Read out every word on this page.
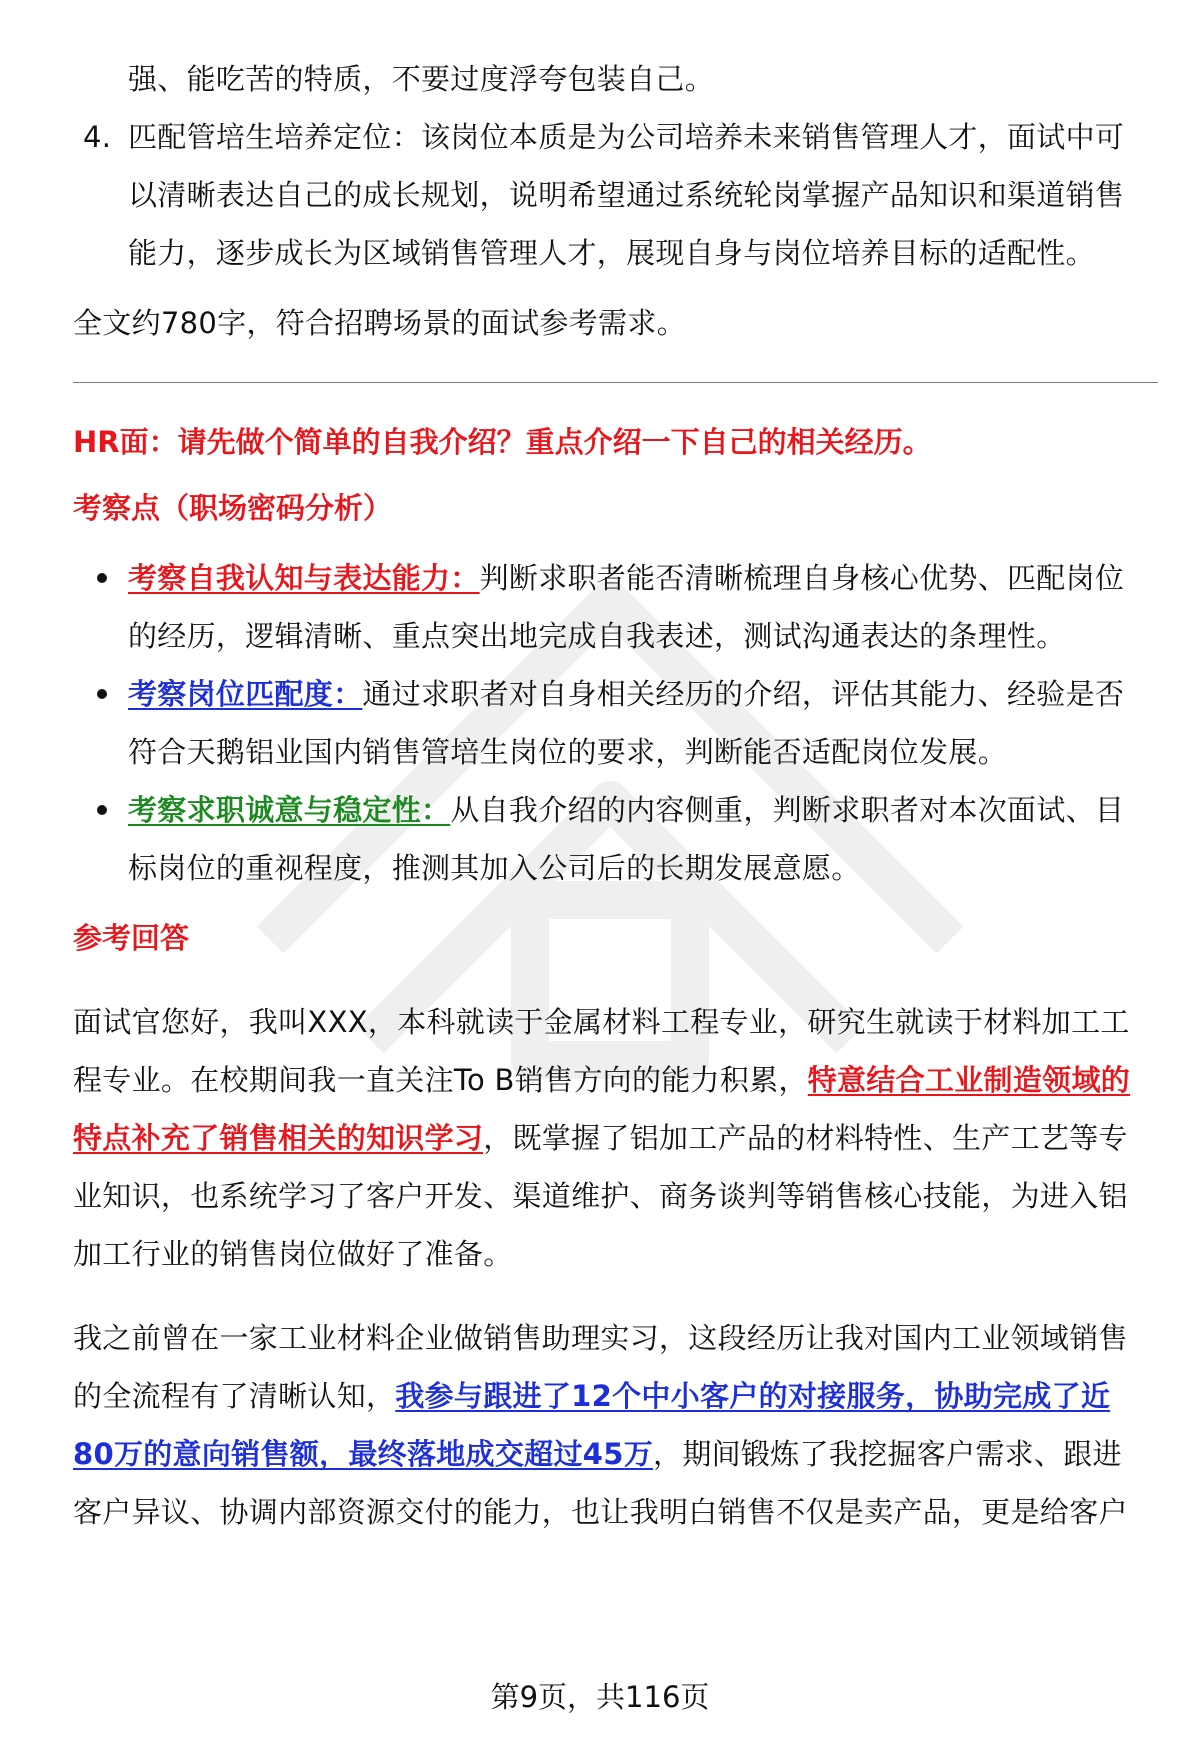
强、能吃苦的特质，不要过度浮夸包装自己。

4. 匹配管培生培养定位：该岗位本质是为公司培养未来销售管理人才，面试中可

以清晰表达自己的成长规划，说明希望通过系统轮岗掌握产品知识和渠道销售

能力，逐步成长为区域销售管理人才，展现自身与岗位培养目标的适配性。

全文约780字，符合招聘场景的面试参考需求。

HR面：请先做个简单的自我介绍？重点介绍一下自己的相关经历。

考察点（职场密码分析）

考察自我认知与表达能力：判断求职者能否清晰梳理自身核心优势、匹配岗位
的经历，逻辑清晰、重点突出地完成自我表述，测试沟通表达的条理性。
考察岗位匹配度：通过求职者对自身相关经历的介绍，评估其能力、经验是否
符合天鹅铝业国内销售管培生岗位的要求，判断能否适配岗位发展。
考察求职诚意与稳定性：从自我介绍的内容侧重，判断求职者对本次面试、目
标岗位的重视程度，推测其加入公司后的长期发展意愿。

参考回答

面试官您好，我叫XXX，本科就读于金属材料工程专业，研究生就读于材料加工工

程专业。在校期间我一直关注To B销售方向的能力积累，特意结合工业制造领域的

特点补充了销售相关的知识学习，既掌握了铝加工产品的材料特性、生产工艺等专

业知识，也系统学习了客户开发、渠道维护、商务谈判等销售核心技能，为进入铝

加工行业的销售岗位做好了准备。

我之前曾在一家工业材料企业做销售助理实习，这段经历让我对国内工业领域销售

的全流程有了清晰认知，我参与跟进了12个中小客户的对接服务，协助完成了近

80万的意向销售额，最终落地成交超过45万，期间锻炼了我挖掘客户需求、跟进

客户异议、协调内部资源交付的能力，也让我明白销售不仅是卖产品，更是给客户

第9页，共116页
